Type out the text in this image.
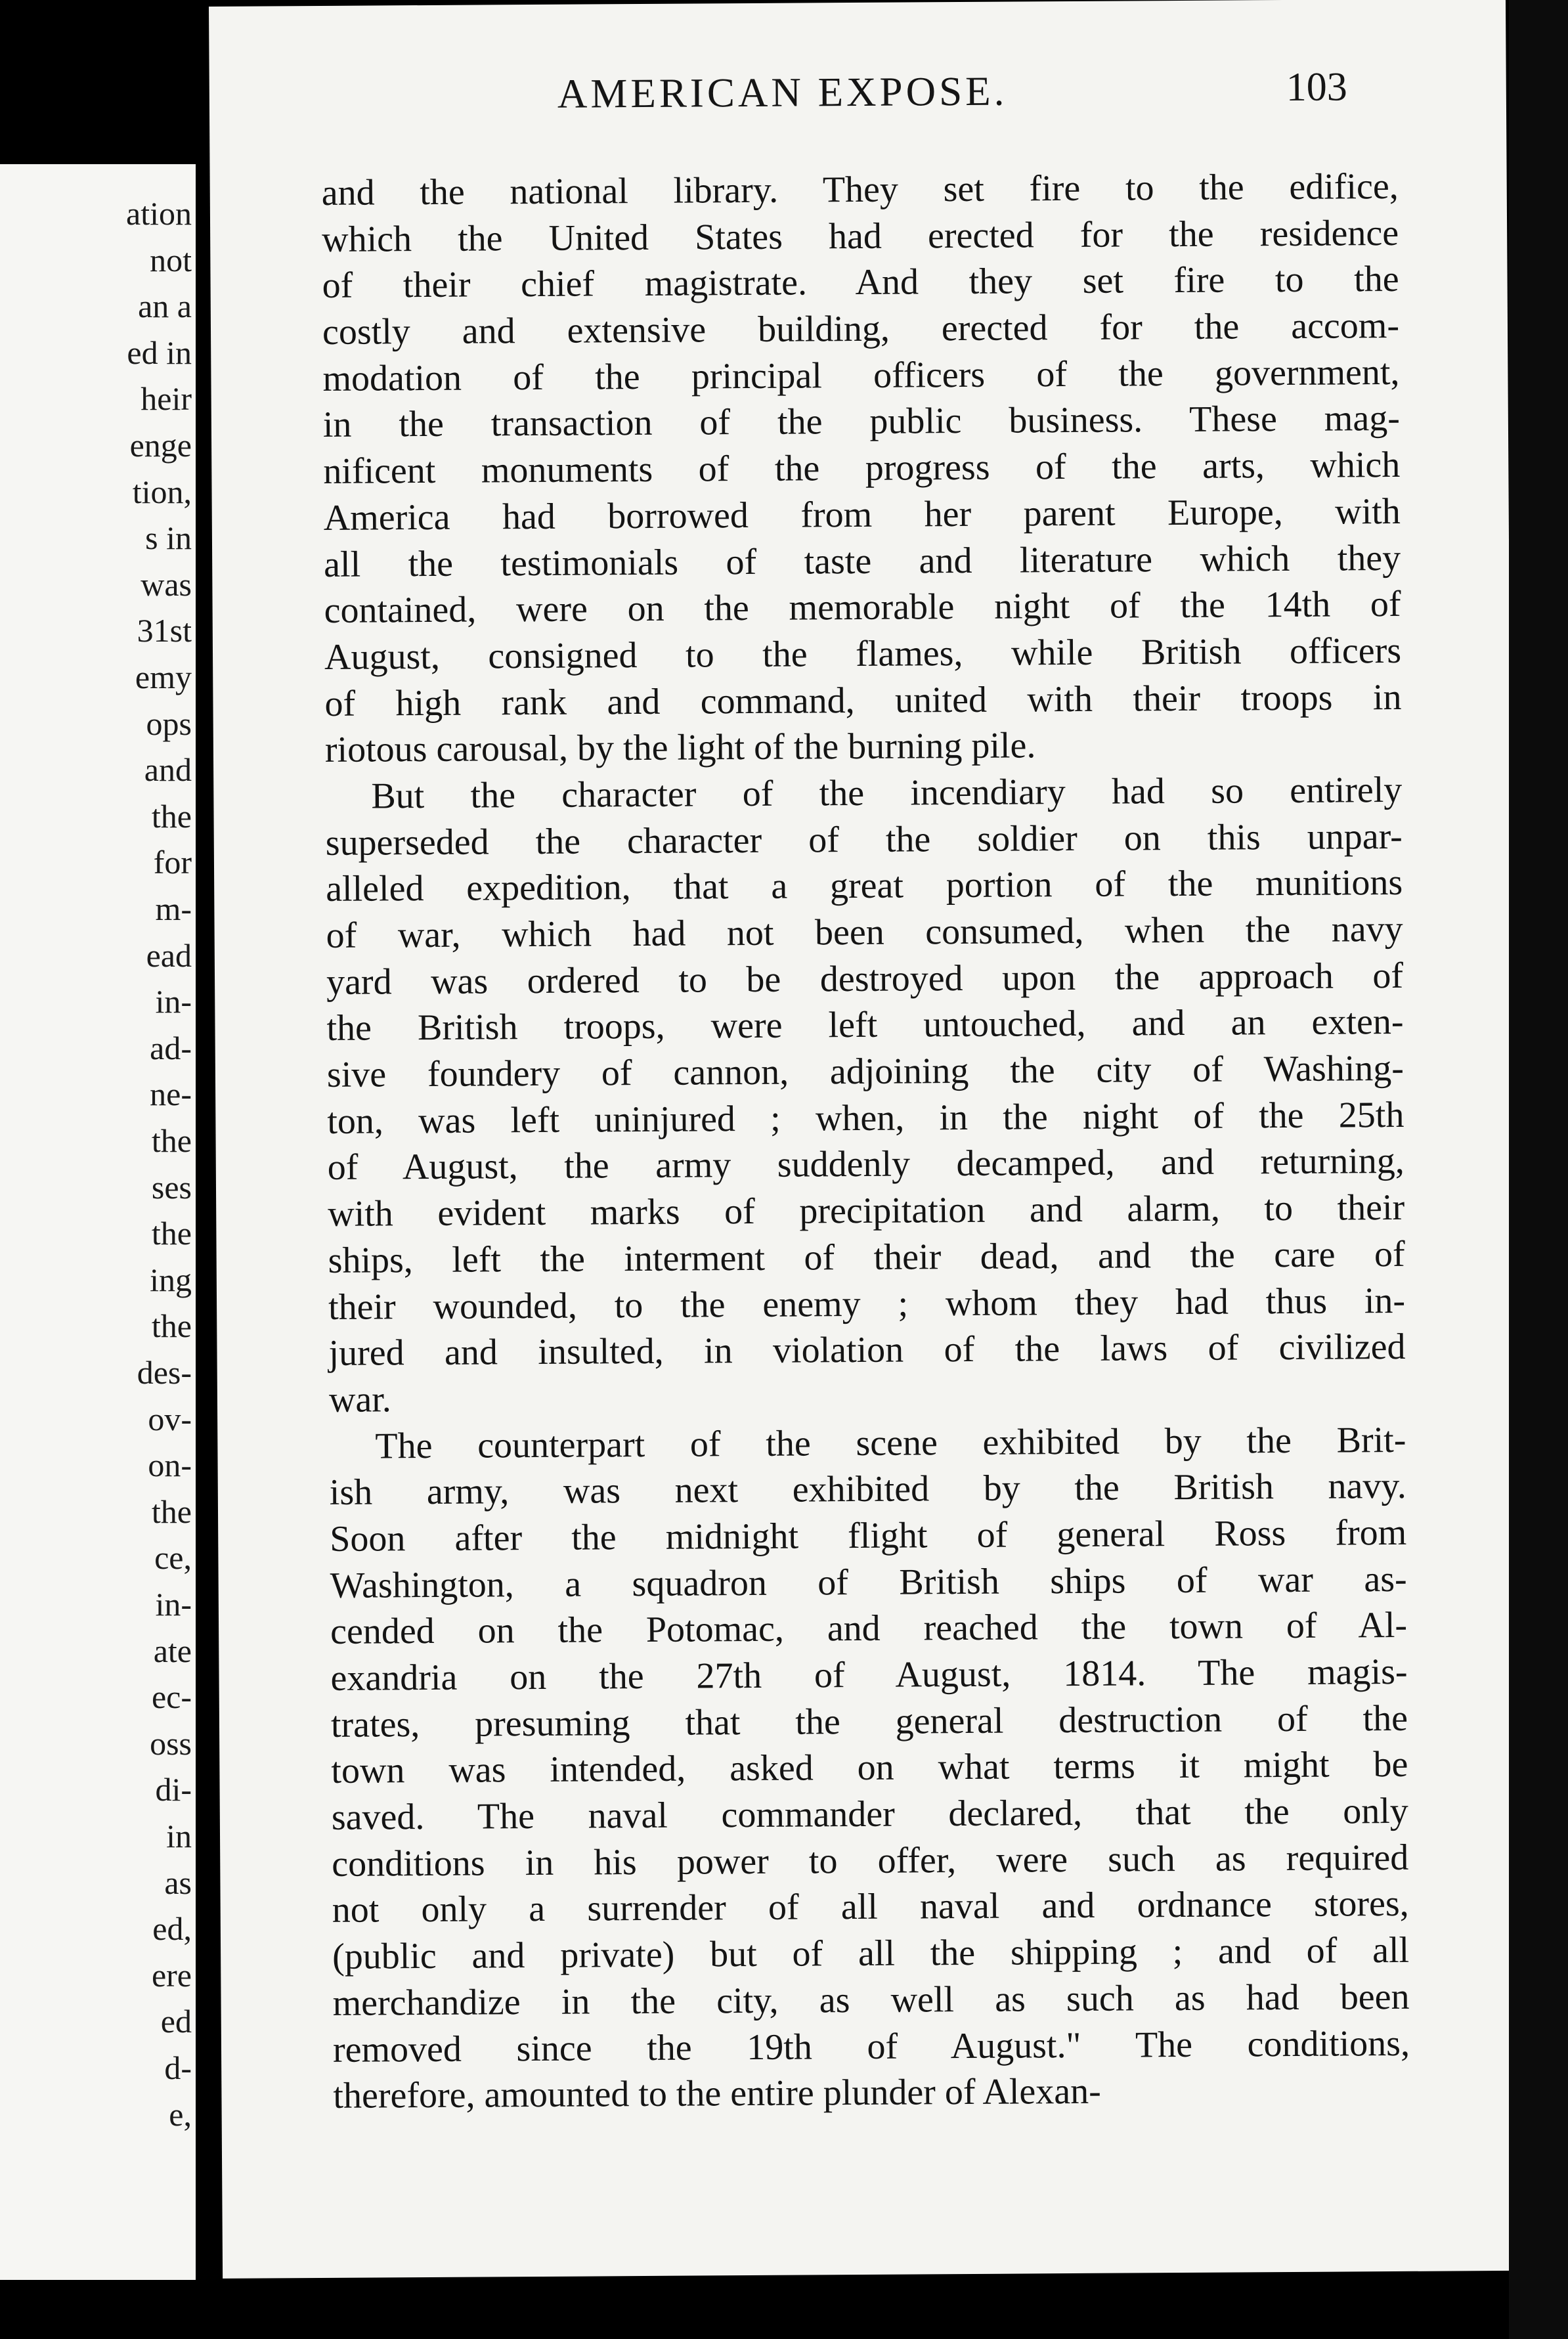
ation
not
an a
ed in
heir
enge
tion,
s in
was
31st
emy
ops
and
the
for
m-
ead
in-
ad-
ne-
the
ses
the
ing
the
des-
ov-
on-
the
ce,
in-
ate
ec-
oss
di-
in
as
ed,
ere
ed
d-
e,
AMERICAN EXPOSE.	103
and the national library. They set fire to the edifice,
which the United States had erected for the residence
of their chief magistrate. And they set fire to the
costly and extensive building, erected for the accom-
modation of the principal officers of the government,
in the transaction of the public business. These mag-
nificent monuments of the progress of the arts, which
America had borrowed from her parent Europe, with
all the testimonials of taste and literature which they
contained, were on the memorable night of the 14th of
August, consigned to the flames, while British officers
of high rank and command, united with their troops in
riotous carousal, by the light of the burning pile.
But the character of the incendiary had so entirely
superseded the character of the soldier on this unpar-
alleled expedition, that a great portion of the munitions
of war, which had not been consumed, when the navy
yard was ordered to be destroyed upon the approach of
the British troops, were left untouched, and an exten-
sive foundery of cannon, adjoining the city of Washing-
ton, was left uninjured ; when, in the night of the 25th
of August, the army suddenly decamped, and returning,
with evident marks of precipitation and alarm, to their
ships, left the interment of their dead, and the care of
their wounded, to the enemy ; whom they had thus in-
jured and insulted, in violation of the laws of civilized
war.
The counterpart of the scene exhibited by the Brit-
ish army, was next exhibited by the British navy.
Soon after the midnight flight of general Ross from
Washington, a squadron of British ships of war as-
cended on the Potomac, and reached the town of Al-
exandria on the 27th of August, 1814. The magis-
trates, presuming that the general destruction of the
town was intended, asked on what terms it might be
saved. The naval commander declared, that the only
conditions in his power to offer, were such as required
not only a surrender of all naval and ordnance stores,
(public and private) but of all the shipping ; and of all
merchandize in the city, as well as such as had been
removed since the 19th of August." The conditions,
therefore, amounted to the entire plunder of Alexan-
